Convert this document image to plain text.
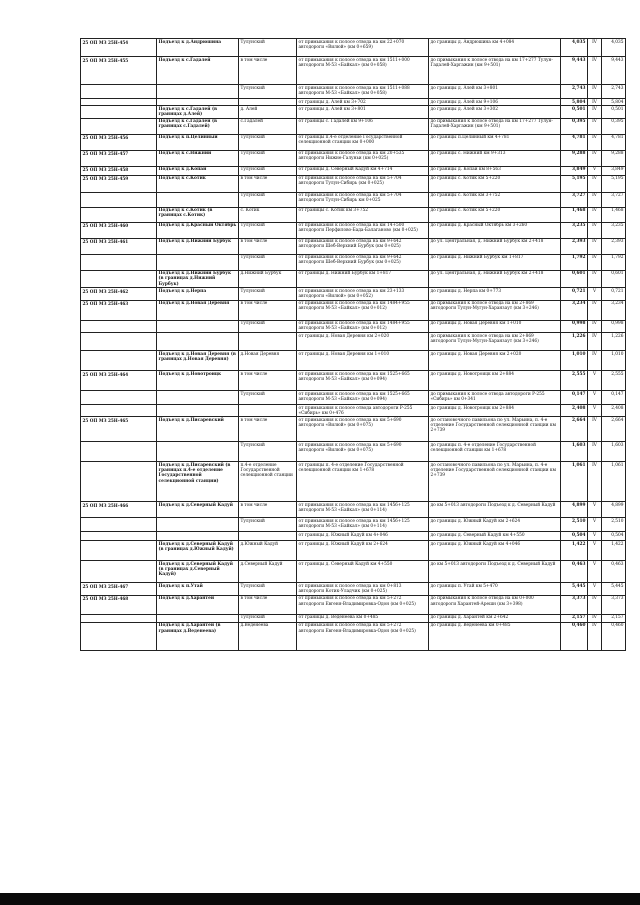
25 ОП МЗ 25Н-454	Подъезд к д.Андрюшина	Тулунский	от примыкания к полосе отвода на км 22+070 автодороги «Вилюй» (км 0+659)	до границы д. Андрюшина км 4+084	4,035	IV	4,035
25 ОП МЗ 25Н-455	Подъезд к с.Гадалей	в том числе	от примыкания к полосе отвода на км 1511+000 автодороги М-53 «Байкал» (км 0+058)	до примыкания к полосе отвода на км 17+277 Тулун-Гадалей-Харгажин (км 9+501)	9,443	IV	9,443
		Тулунский	от примыкания к полосе отвода на км 1511+088 автодороги М-53 «Байкал» (км 0+058)	до границы д. Алей км 3+801	2,743	IV	2,743
			от границы д. Алей км 3+702	до границы д. Алей км 9+106	5,804	IV	5,804
	Подъезд к с.Гадалей (в границах д.Алей)	д. Алей	от границы д. Алей км 3+801	до границы д. Алей км 3+302	0,501	IV	0,501
	Подъезд к с.Гадалей (в границах с.Гадалей)	с.Гадалей	от границы с. Гадалей км 9+106	до примыкания к полосе отвода на км 17+277 Тулун-Гадалей-Харгажин (км 9+501)	0,395	IV	0,395
25 ОП МЗ 25Н-456	Подъезд к п.Целинный	Тулунский	от границы п.4-е отделение Государственной селекционной станции км 0+000	до границы п.Целинный км 4+781	4,781	IV	4,781
25 ОП МЗ 25Н-457	Подъезд к с.Нижний	Тулунский	от примыкания к полосе отвода на км 20+535 автодороги Нижне-Галуньи (км 0+025)	до границы с. Нижний км 9+313	9,288	IV	9,288
25 ОП МЗ 25Н-458	Подъезд к д.Копаи	Тулунский	от границы д. Северный Кадуй км 4+714	до границы д. Копаи км 8+563	3,849	V	3,849
25 ОП МЗ 25Н-459	Подъезд к с.Котик	в том числе	от примыкания к полосе отвода на км 5+704 автодороги Тулун-Сибирь (км 0+025)	до границы с. Котик км 5+220	5,195	IV	5,195
		Тулунский	от примыкания к полосе отвода на км 5+704 автодороги Тулун-Сибирь км 0+025	до границы с. Котик км 3+752	3,727	IV	3,727
	Подъезд к с.Котик (в границах с.Котик)	с. Котик	от границы с. Котик км 3+752	до границы с. Котик км 5+220	1,468	IV	1,468
25 ОП МЗ 25Н-460	Подъезд к д.Красный Октябрь	Тулунский	от примыкания к полосе отвода на км 14+500 автодороги Перфилово-Бада-Балаганово (км 0+025)	до границы д. Красный Октябрь км 3+260	3,235	IV	3,235
25 ОП МЗ 25Н-461	Подъезд к д.Нижний Бурбук	в том числе	от примыкания к полосе отвода на км 9+642 автодороги Шеб-Верхний Бурбук (км 0+025)	до ул. Центральная, д. Нижний Бурбук км 2+418	2,393	IV	2,393
		Тулунский	от примыкания к полосе отвода на км 9+642 автодороги Шеб-Верхний Бурбук (км 0+025)	до границы д. Нижний Бурбук км 1+817	1,792	IV	1,792
	Подъезд к д.Нижний Бурбук (в границах д.Нижний Бурбук)	д.Нижний Бурбук	от границы д. Нижний Бурбук км 1+817	до ул. Центральная, д. Нижний Бурбук км 2+418	0,601	IV	0,601
25 ОП МЗ 25Н-462	Подъезд к д.Нерпа	Тулунский	от примыкания к полосе отвода на км 23+133 автодороги «Вилюй» (км 0+052)	до границы д. Нерпа км 0+773	0,721	V	0,721
25 ОП МЗ 25Н-463	Подъезд к д.Новая Деревня	в том числе	от примыкания к полосе отвода на км 1484+955 автодороги М-53 «Байкал» (км 0+012)	до примыкания к полосе отвода на км 2+869 автодороги Тулун-Мугун-Харанзаут (км 3+246)	3,234	IV	3,234
		Тулунский	от примыкания к полосе отвода на км 1484+955 автодороги М-53 «Байкал» (км 0+012)	до границы д. Новая Деревня км 1+010	0,998	IV	0,998
			от границы д. Новая Деревня км 2+020	до примыкания к полосе отвода на км 2+869 автодороги Тулун-Мугун-Харанзаут (км 3+246)	1,226	IV	1,226
	Подъезд к д.Новая Деревня (в границах д.Новая Деревня)	д.Новая Деревня	от границы д. Новая Деревня км 1+010	до границы д. Новая Деревня км 2+020	1,010	IV	1,010
25 ОП МЗ 25Н-464	Подъезд к д.Новотроицк	в том числе	от примыкания к полосе отвода на км 1525+665 автодороги М-53 «Байкал» (км 0+094)	до границы д. Новотроицк км 2+884	2,555	V	2,555
		Тулунский	от примыкания к полосе отвода на км 1525+665 автодороги М-53 «Байкал» (км 0+094)	до примыкания к полосе отвода автодороги Р-255 «Сибирь» км 0+341	0,147	V	0,147
			от примыкания к полосе отвода автодороги Р-255 «Сибирь» км 0+476	до границы д. Новотроицк км 2+884	2,408	V	2,408
25 ОП МЗ 25Н-465	Подъезд к д.Писаревский	в том числе	от примыкания к полосе отвода на км 5+690 автодороги «Вилюй» (км 0+075)	до остановочного павильона по ул. Марьина, п. 4-е отделение Государственной селекционной станции км 2+739	2,664	IV	2,664
		Тулунский	от примыкания к полосе отвода на км 5+690 автодороги «Вилюй» (км 0+075)	до границы п. 4-е отделение Государственной селекционной станции км 1+678	1,603	IV	1,603
	Подъезд к д.Писаревский (в границах п.4-е отделение Государственной селекционной станции)	п.4-е отделение Государственной селекционной станции	от границы п. 4-е отделение Государственной селекционной станции км 1+678	до остановочного павильона по ул. Марьина, п. 4-е отделение Государственной селекционной станции км 2+739	1,061	IV	1,061
25 ОП МЗ 25Н-466	Подъезд к д.Северный Кадуй	в том числе	от примыкания к полосе отвода на км 1456+125 автодороги М-53 «Байкал» (км 0+114)	до км 5+013 автодороги Подъезд к д. Северный Кадуй	4,899	V	4,899
		Тулунский	от примыкания к полосе отвода на км 1456+125 автодороги М-53 «Байкал» (км 0+114)	до границы д. Южный Кадуй км 2+624	2,510	V	2,510
			от границы д. Южный Кадуй км 4+046	до границы д. Северный Кадуй км 4+550	0,504	V	0,504
	Подъезд к д.Северный Кадуй (в границах д.Южный Кадуй)	д.Южный Кадуй	от границы д. Южный Кадуй км 2+624	до границы д. Южный Кадуй км 4+046	1,422	V	1,422
	Подъезд к д.Северный Кадуй (в границах д.Северный Кадуй)	д.Северный Кадуй	от границы д. Северный Кадуй км 4+550	до км 5+013 автодороги Подъезд к д. Северный Кадуй	0,463	V	0,463
25 ОП МЗ 25Н-467	Подъезд к п.Утай	Тулунский	от примыкания к полосе отвода на км 0+813 автодороги Котик-Уладчик (км 0+025)	до границы п. Утай км 5+470	5,445	V	5,445
25 ОП МЗ 25Н-468	Подъезд к д.Харантей	в том числе	от примыкания к полосе отвода на км 5+272 автодороги Евгеня-Владимировка-Одон (км 0+025)	до примыкания к полосе отвода на км 0+000 автодороги Харантей-Арешн (км 3+398)	3,373	IV	3,373
		Тулунский	от границы д. Веденеева км 0+485	до границы д. Харантей км 2+642	2,157	IV	2,157
	Подъезд к д.Харантей (в границах д.Веденеева)	д.Веденеева	от примыкания к полосе отвода на км 5+272 автодороги Евгеня-Владимировка-Одон (км 0+025)	до границы д. Веденеева км 0+485	0,460	IV	0,460
